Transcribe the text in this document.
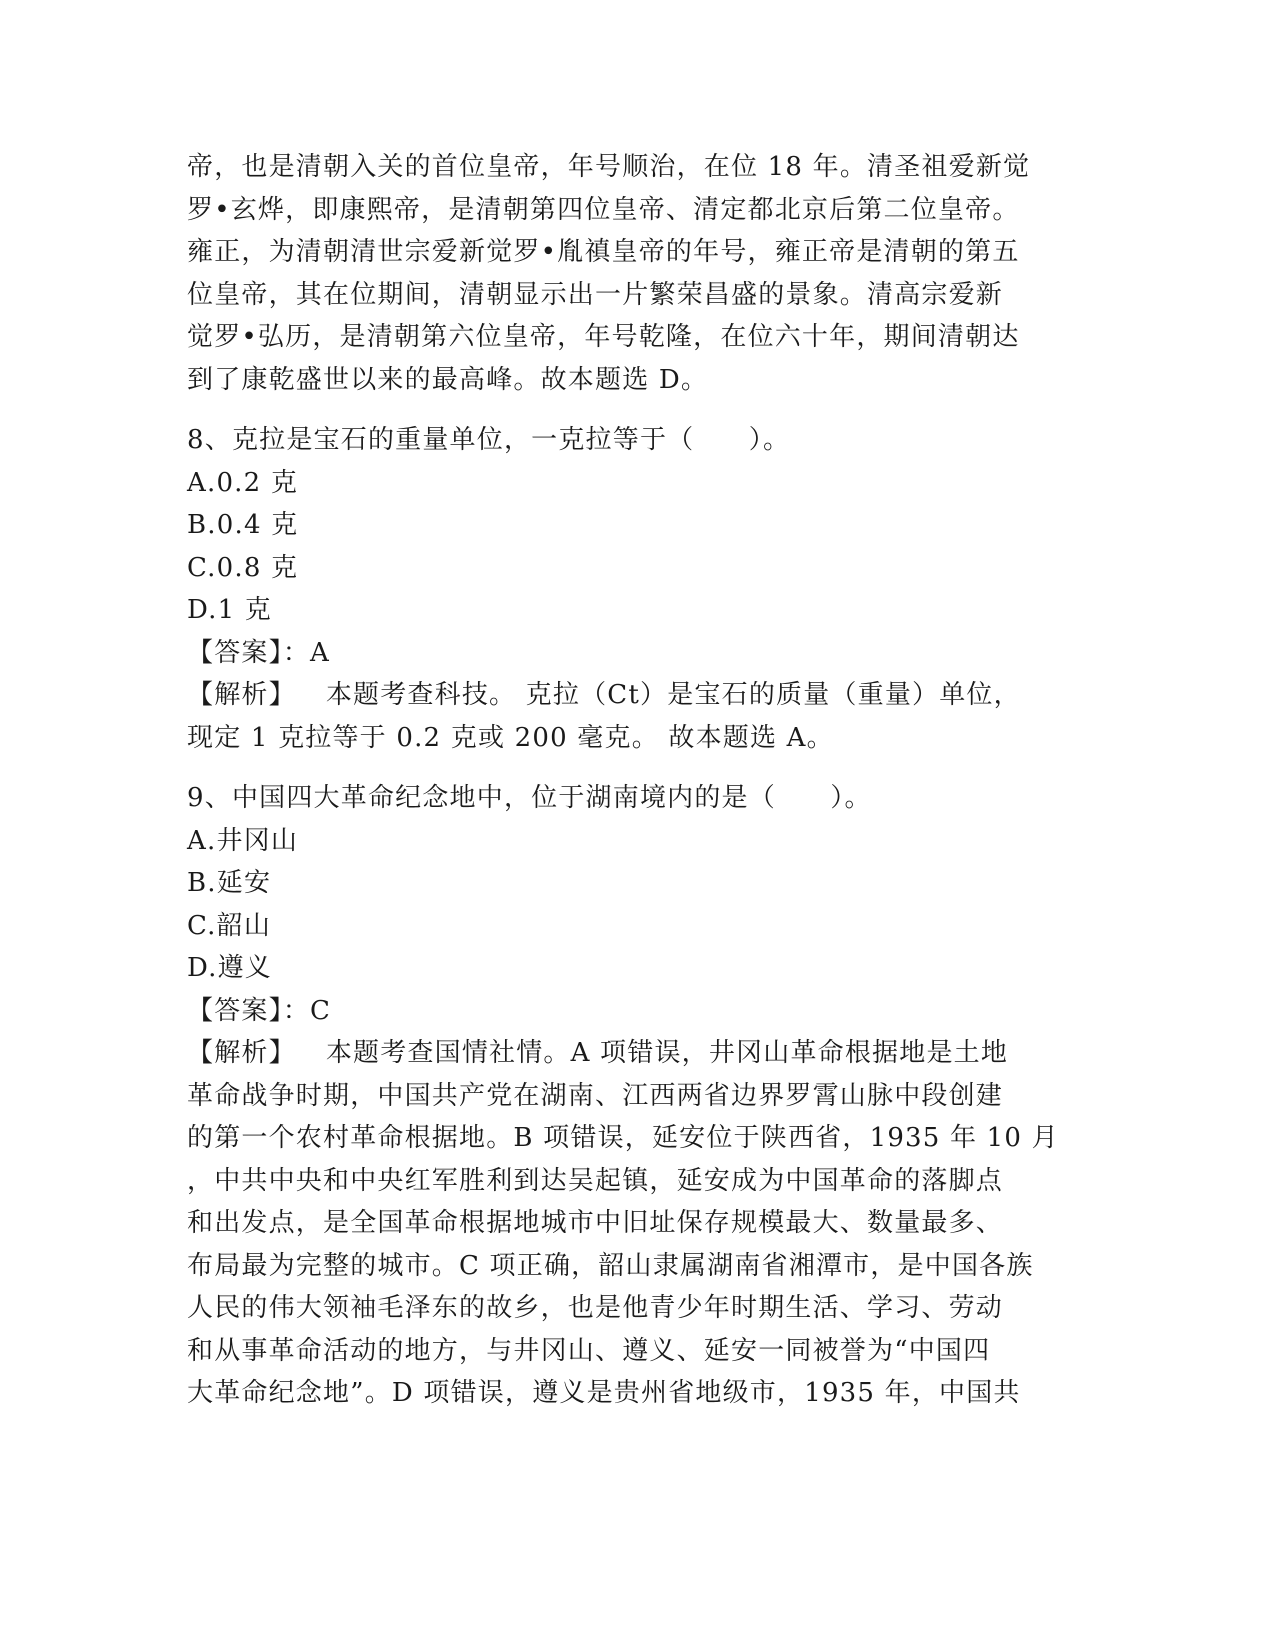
帝，也是清朝入关的首位皇帝，年号顺治，在位 18 年。清圣祖爱新觉
罗•玄烨，即康熙帝，是清朝第四位皇帝、清定都北京后第二位皇帝。
雍正，为清朝清世宗爱新觉罗•胤禛皇帝的年号，雍正帝是清朝的第五
位皇帝，其在位期间，清朝显示出一片繁荣昌盛的景象。清高宗爱新
觉罗•弘历，是清朝第六位皇帝，年号乾隆，在位六十年，期间清朝达
到了康乾盛世以来的最高峰。故本题选 D。
8、克拉是宝石的重量单位，一克拉等于（　　）。
A.0.2 克
B.0.4 克
C.0.8 克
D.1 克
【答案】：A
【解析】 本题考查科技。 克拉（Ct）是宝石的质量（重量）单位，
现定 1 克拉等于 0.2 克或 200 毫克。 故本题选 A。
9、中国四大革命纪念地中，位于湖南境内的是（　　）。
A.井冈山
B.延安
C.韶山
D.遵义
【答案】：C
【解析】 本题考查国情社情。A 项错误，井冈山革命根据地是土地
革命战争时期，中国共产党在湖南、江西两省边界罗霄山脉中段创建
的第一个农村革命根据地。B 项错误，延安位于陕西省，1935 年 10 月
，中共中央和中央红军胜利到达吴起镇，延安成为中国革命的落脚点
和出发点，是全国革命根据地城市中旧址保存规模最大、数量最多、
布局最为完整的城市。C 项正确，韶山隶属湖南省湘潭市，是中国各族
人民的伟大领袖毛泽东的故乡，也是他青少年时期生活、学习、劳动
和从事革命活动的地方，与井冈山、遵义、延安一同被誉为“中国四
大革命纪念地”。D 项错误，遵义是贵州省地级市，1935 年，中国共
